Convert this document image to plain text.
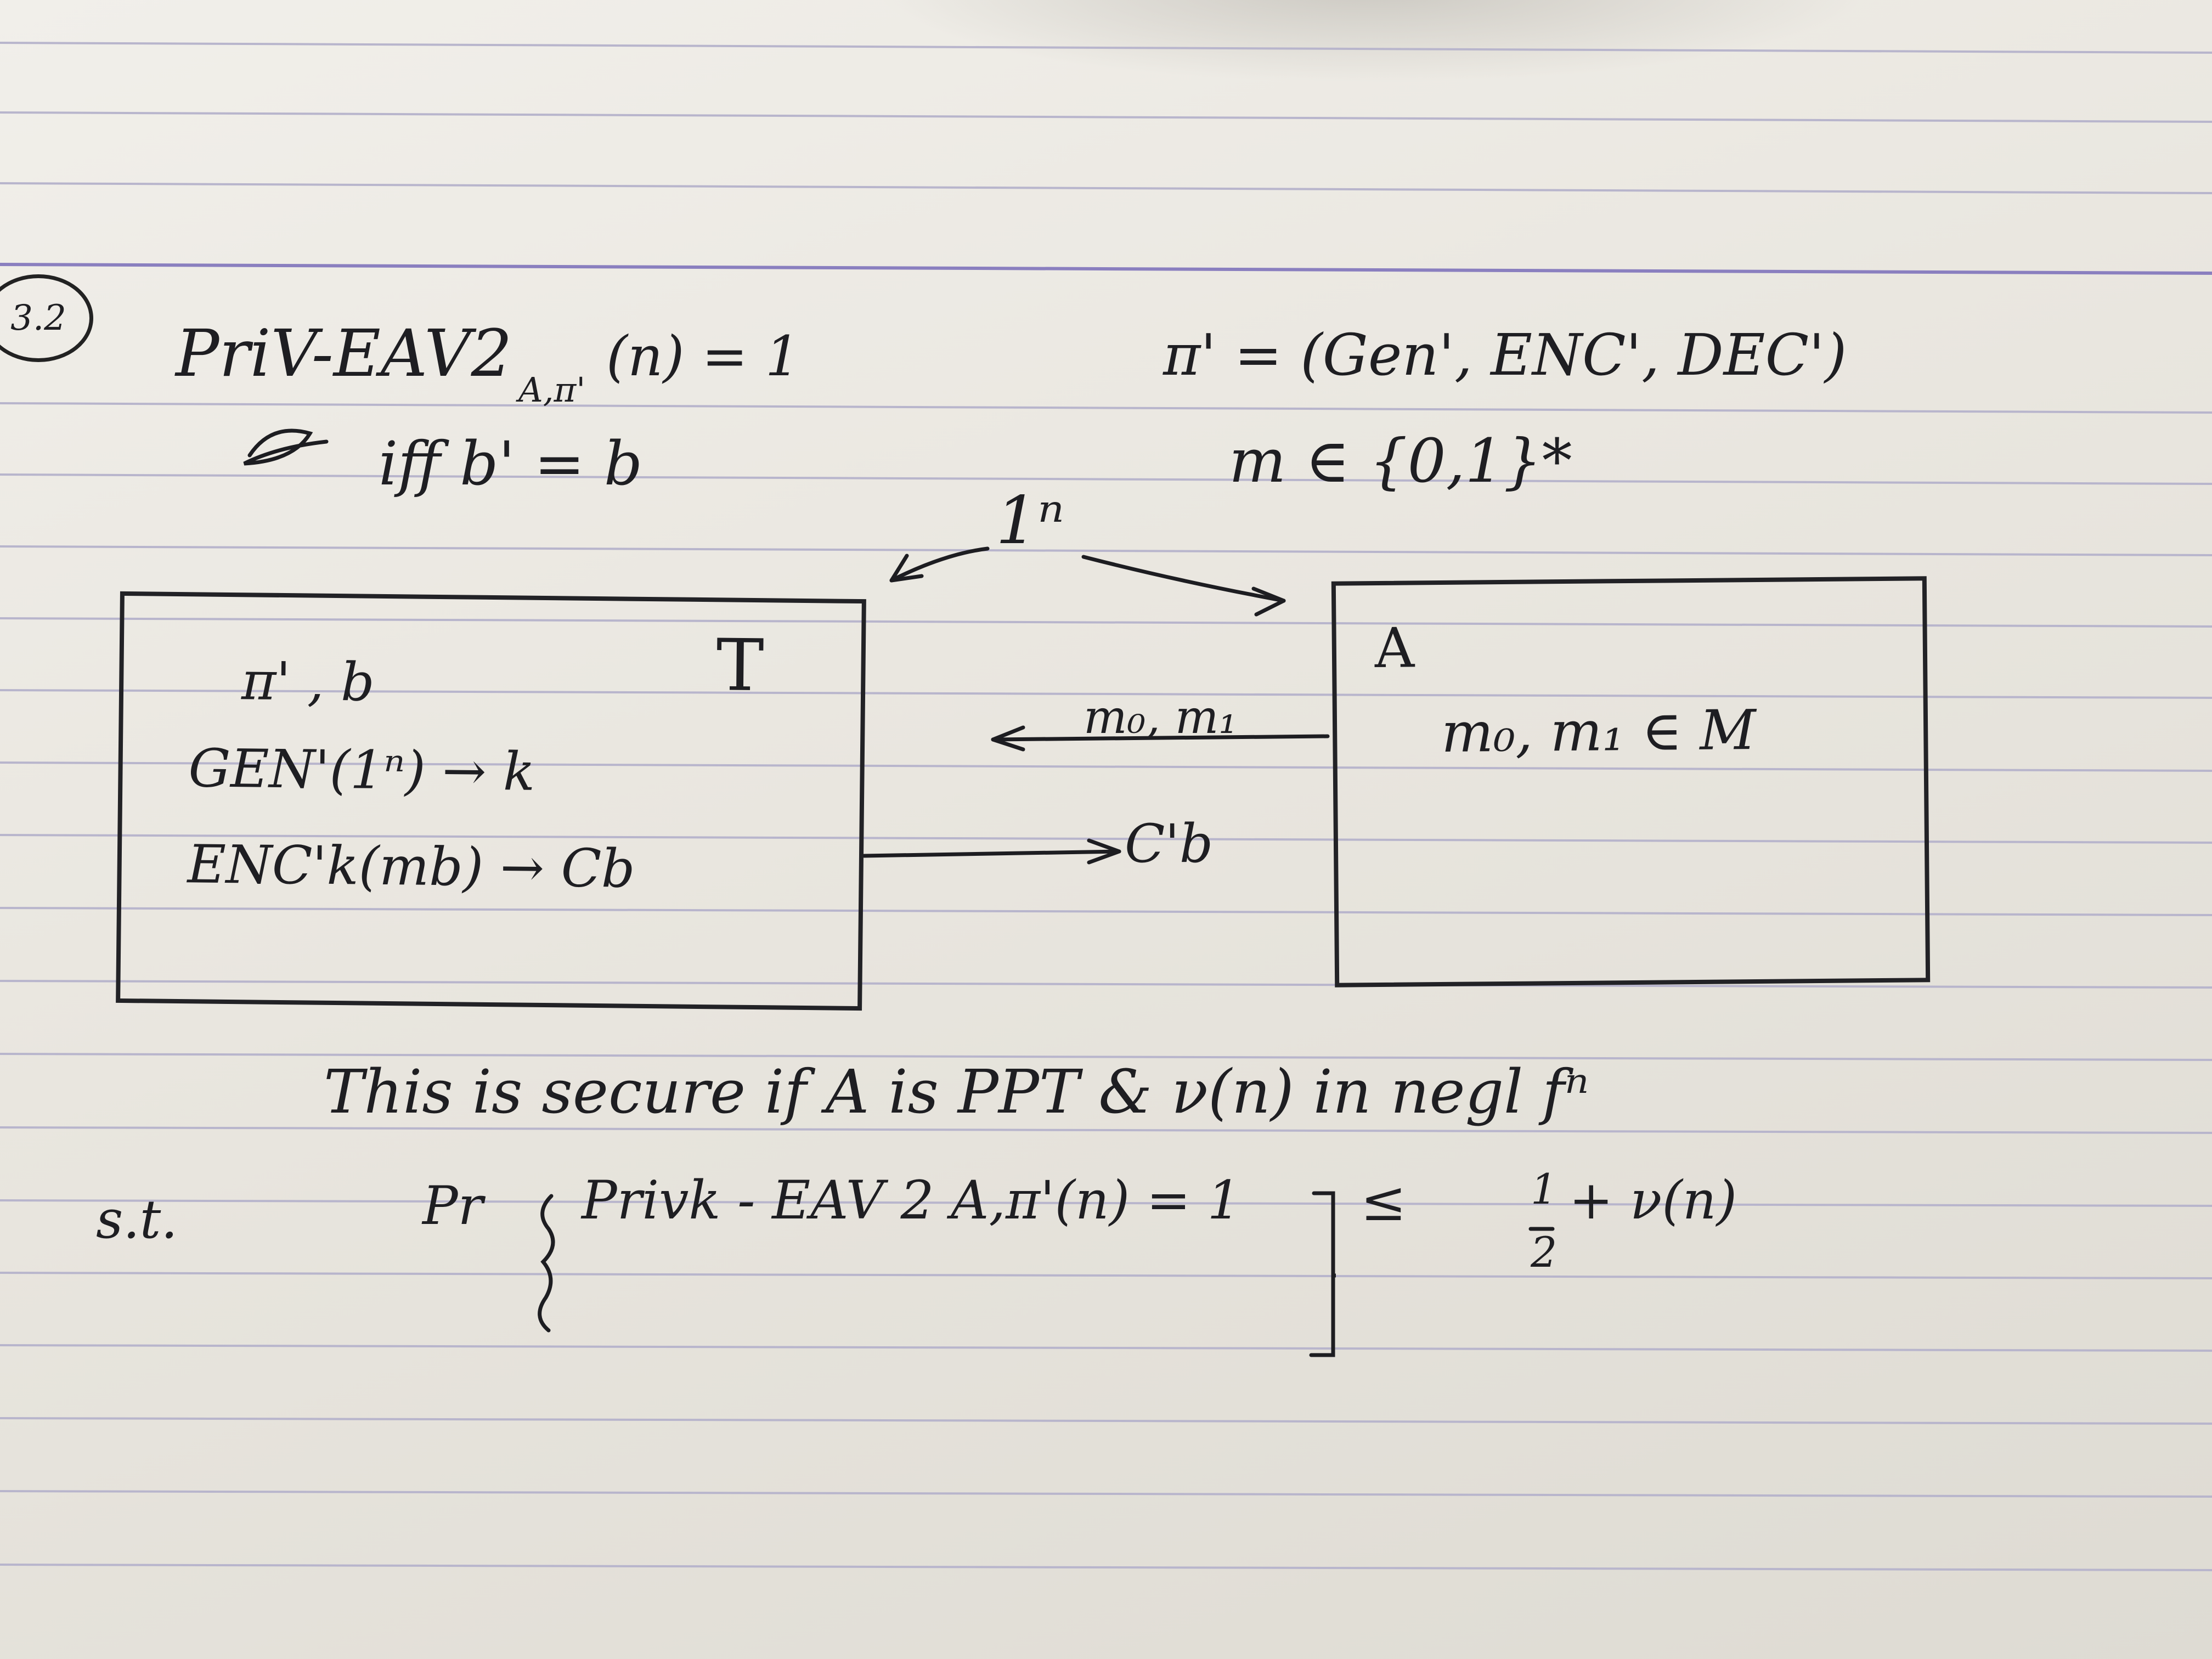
3.2 PriV-EAV2 A,π'
(n) = 1
iff b' = b
π' = (Gen', ENC', DEC')
m ∈ {0,1}*
1ⁿ
T
π' , b
GEN'(1ⁿ) → k
ENC'k(mb) → Cb
A
m₀, m₁ ∈ M
m₀, m₁
C'b
This is secure if A is PPT & ν(n) in negl fⁿ
s.t.	Pr Privk - EAV 2 A,π'(n) = 1 ≤	1
2
+ ν(n)
